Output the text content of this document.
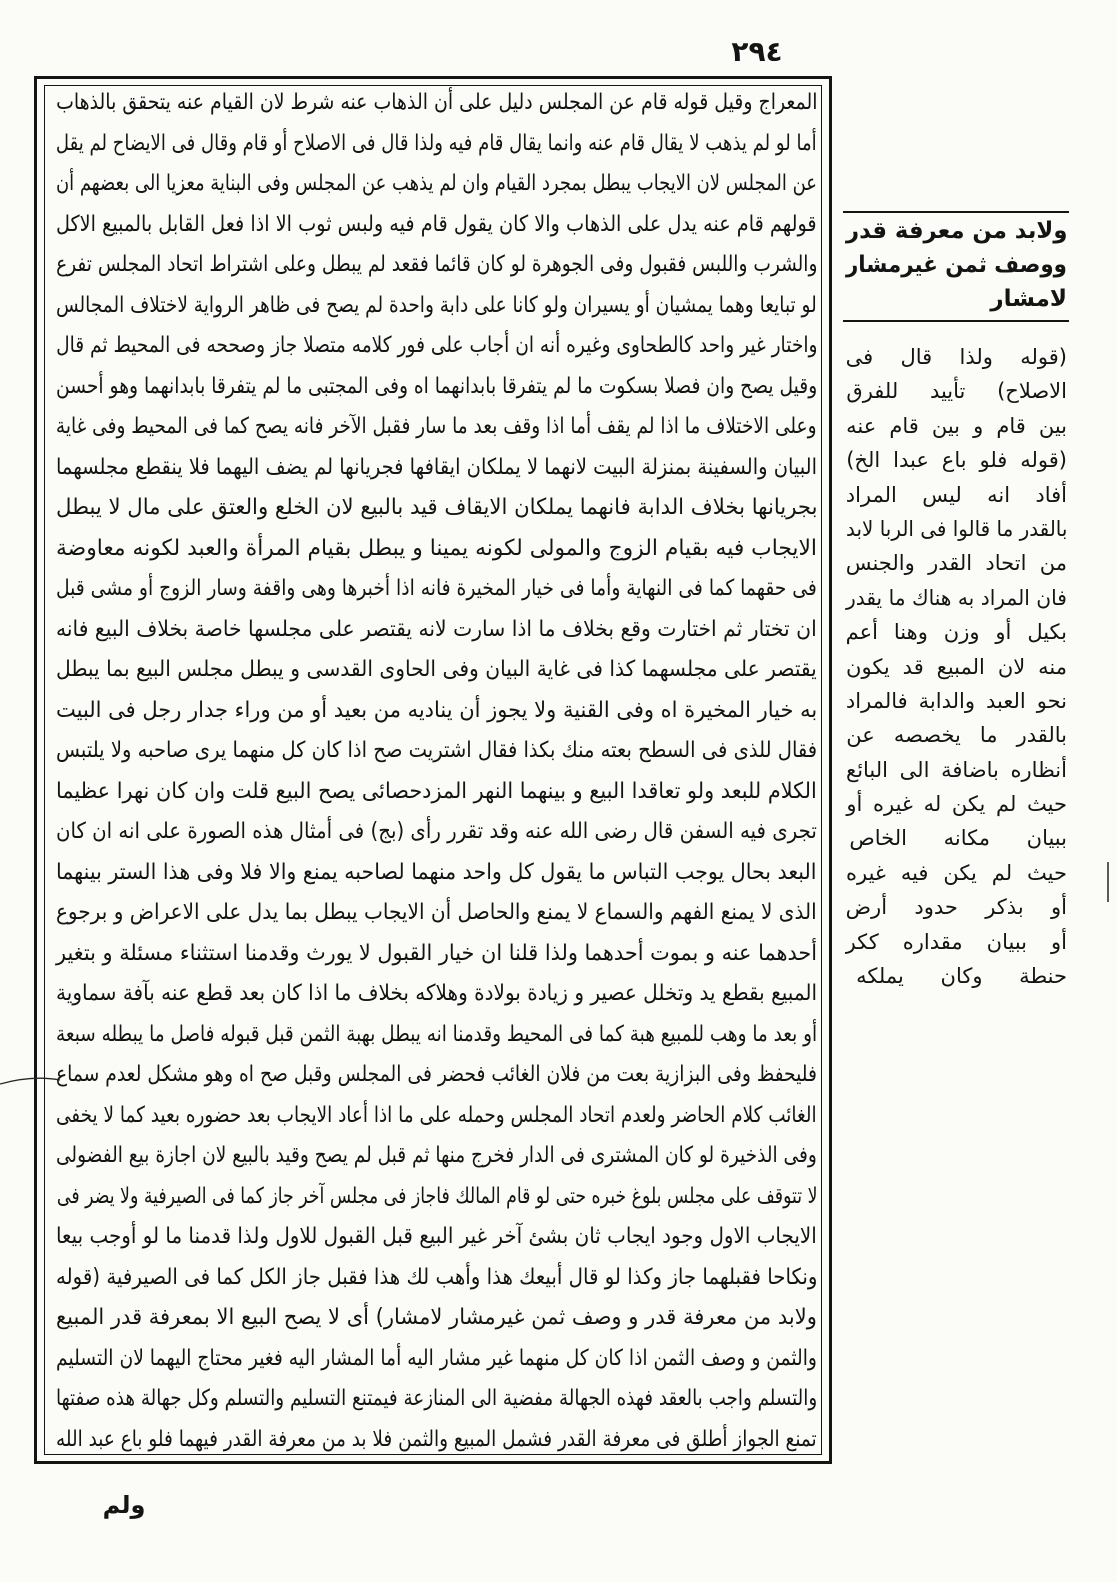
٢٩٤
المعراج وقيل قوله قام عن المجلس دليل على أن الذهاب عنه شرط لان القيام عنه يتحقق بالذهاب
أما لو لم يذهب لا يقال قام عنه وانما يقال قام فيه ولذا قال فى الاصلاح أو قام وقال فى الايضاح لم يقل
عن المجلس لان الايجاب يبطل بمجرد القيام وان لم يذهب عن المجلس وفى البناية معزيا الى بعضهم أن
قولهم قام عنه يدل على الذهاب والا كان يقول قام فيه ولبس ثوب الا اذا فعل القابل بالمبيع الاكل
والشرب واللبس فقبول وفى الجوهرة لو كان قائما فقعد لم يبطل وعلى اشتراط اتحاد المجلس تفرع
لو تبايعا وهما يمشيان أو يسيران ولو كانا على دابة واحدة لم يصح فى ظاهر الرواية لاختلاف المجالس
واختار غير واحد كالطحاوى وغيره أنه ان أجاب على فور كلامه متصلا جاز وصححه فى المحيط ثم قال
وقيل يصح وان فصلا بسكوت ما لم يتفرقا بابدانهما اه وفى المجتبى ما لم يتفرقا بابدانهما وهو أحسن
وعلى الاختلاف ما اذا لم يقف أما اذا وقف بعد ما سار فقبل الآخر فانه يصح كما فى المحيط وفى غاية
البيان والسفينة بمنزلة البيت لانهما لا يملكان ايقافها فجريانها لم يضف اليهما فلا ينقطع مجلسهما
بجريانها بخلاف الدابة فانهما يملكان الايقاف قيد بالبيع لان الخلع والعتق على مال لا يبطل
الايجاب فيه بقيام الزوج والمولى لكونه يمينا و يبطل بقيام المرأة والعبد لكونه معاوضة
فى حقهما كما فى النهاية وأما فى خيار المخيرة فانه اذا أخبرها وهى واقفة وسار الزوج أو مشى قبل
ان تختار ثم اختارت وقع بخلاف ما اذا سارت لانه يقتصر على مجلسها خاصة بخلاف البيع فانه
يقتصر على مجلسهما كذا فى غاية البيان وفى الحاوى القدسى و يبطل مجلس البيع بما يبطل
به خيار المخيرة اه وفى القنية ولا يجوز أن يناديه من بعيد أو من وراء جدار رجل فى البيت
فقال للذى فى السطح بعته منك بكذا فقال اشتريت صح اذا كان كل منهما يرى صاحبه ولا يلتبس
الكلام للبعد ولو تعاقدا البيع و بينهما النهر المزدحصائى يصح البيع قلت وان كان نهرا عظيما
تجرى فيه السفن قال رضى الله عنه وقد تقرر رأى (بج) فى أمثال هذه الصورة على انه ان كان
البعد بحال يوجب التباس ما يقول كل واحد منهما لصاحبه يمنع والا فلا وفى هذا الستر بينهما
الذى لا يمنع الفهم والسماع لا يمنع والحاصل أن الايجاب يبطل بما يدل على الاعراض و برجوع
أحدهما عنه و بموت أحدهما ولذا قلنا ان خيار القبول لا يورث وقدمنا استثناء مسئلة و بتغير
المبيع بقطع يد وتخلل عصير و زيادة بولادة وهلاكه بخلاف ما اذا كان بعد قطع عنه بآفة سماوية
أو بعد ما وهب للمبيع هبة كما فى المحيط وقدمنا انه يبطل بهبة الثمن قبل قبوله فاصل ما يبطله سبعة
فليحفظ وفى البزازية بعت من فلان الغائب فحضر فى المجلس وقبل صح اه وهو مشكل لعدم سماع
الغائب كلام الحاضر ولعدم اتحاد المجلس وحمله على ما اذا أعاد الايجاب بعد حضوره بعيد كما لا يخفى
وفى الذخيرة لو كان المشترى فى الدار فخرج منها ثم قبل لم يصح وقيد بالبيع لان اجازة بيع الفضولى
لا تتوقف على مجلس بلوغ خبره حتى لو قام المالك فاجاز فى مجلس آخر جاز كما فى الصيرفية ولا يضر فى
الايجاب الاول وجود ايجاب ثان بشئ آخر غير البيع قبل القبول للاول ولذا قدمنا ما لو أوجب بيعا
ونكاحا فقبلهما جاز وكذا لو قال أبيعك هذا وأهب لك هذا فقبل جاز الكل كما فى الصيرفية (قوله
ولابد من معرفة قدر و وصف ثمن غيرمشار لامشار) أى لا يصح البيع الا بمعرفة قدر المبيع
والثمن و وصف الثمن اذا كان كل منهما غير مشار اليه أما المشار اليه فغير محتاج اليهما لان التسليم
والتسلم واجب بالعقد فهذه الجهالة مفضية الى المنازعة فيمتنع التسليم والتسلم وكل جهالة هذه صفتها
تمنع الجواز أطلق فى معرفة القدر فشمل المبيع والثمن فلا بد من معرفة القدر فيهما فلو باع عبد الله
ولابد من معرفة قدر
ووصف ثمن غيرمشار
لامشار
(قوله ولذا قال فى
الاصلاح) تأييد للفرق
بين قام و بين قام عنه
(قوله فلو باع عبدا الخ)
أفاد انه ليس المراد
بالقدر ما قالوا فى الربا لابد
من اتحاد القدر والجنس
فان المراد به هناك ما يقدر
بكيل أو وزن وهنا أعم
منه لان المبيع قد يكون
نحو العبد والدابة فالمراد
بالقدر ما يخصصه عن
أنظاره باضافة الى البائع
حيث لم يكن له غيره أو
ببيان مكانه الخاص
حيث لم يكن فيه غيره
أو بذكر حدود أرض
أو ببيان مقداره ككر
حنطة وكان يملكه
ولم
